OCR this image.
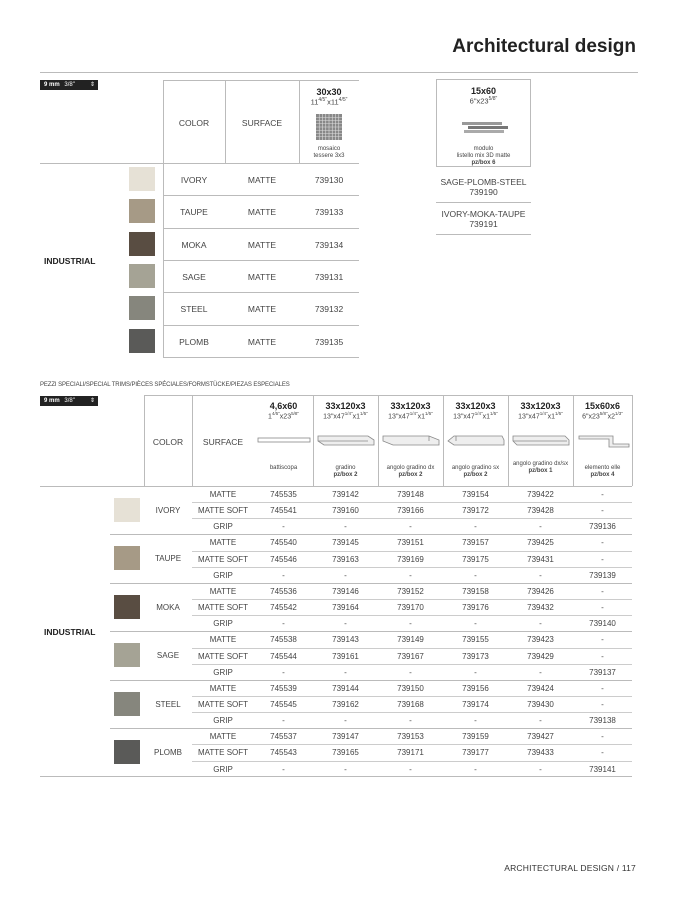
Architectural design
9 mm 3/8"	⇕
COLOR	SURFACE
30x30
$11^{4/5"}x11^{4/5"}$
mosaico
tessere 3x3
INDUSTRIAL
IVORY	MATTE	739130
TAUPE	MATTE	739133
MOKA	MATTE	739134
SAGE	MATTE	739131
STEEL	MATTE	739132
PLOMB	MATTE	739135
15x60
$6"x23^{5/8"}$
modulo
listello mix 3D matte
pz/box 6
SAGE-PLOMB-STEEL
739190
IVORY-MOKA-TAUPE
739191
PEZZI SPECIALI/SPECIAL TRIMS/PIÈCES SPÉCIALES/FORMSTÜCKE/PIEZAS ESPECIALES
9 mm 3/8"	⇕
COLOR	SURFACE
4,6x60
$1^{4/5"}x23^{5/8"}$
battiscopa
33x120x3
$13"x47^{1/4"}x1^{1/5"}$
gradino
pz/box 2
33x120x3
$13"x47^{1/4"}x1^{1/5"}$
angolo gradino dx
pz/box 2
33x120x3
$13"x47^{1/4"}x1^{1/5"}$
angolo gradino sx
pz/box 2
33x120x3
$13"x47^{1/4"}x1^{1/5"}$
angolo gradino dx/sx
pz/box 1
15x60x6
$6"x23^{5/8"}x2^{1/3"}$
elemento elle
pz/box 4
INDUSTRIAL
IVORY
MATTE	745535	739142	739148	739154	739422	-
MATTE SOFT	745541	739160	739166	739172	739428	-
GRIP	-	-	-	-	-	739136
TAUPE
MATTE	745540	739145	739151	739157	739425	-
MATTE SOFT	745546	739163	739169	739175	739431	-
GRIP	-	-	-	-	-	739139
MOKA
MATTE	745536	739146	739152	739158	739426	-
MATTE SOFT	745542	739164	739170	739176	739432	-
GRIP	-	-	-	-	-	739140
SAGE
MATTE	745538	739143	739149	739155	739423	-
MATTE SOFT	745544	739161	739167	739173	739429	-
GRIP	-	-	-	-	-	739137
STEEL
MATTE	745539	739144	739150	739156	739424	-
MATTE SOFT	745545	739162	739168	739174	739430	-
GRIP	-	-	-	-	-	739138
PLOMB
MATTE	745537	739147	739153	739159	739427	-
MATTE SOFT	745543	739165	739171	739177	739433	-
GRIP	-	-	-	-	-	739141
ARCHITECTURAL DESIGN / 117
